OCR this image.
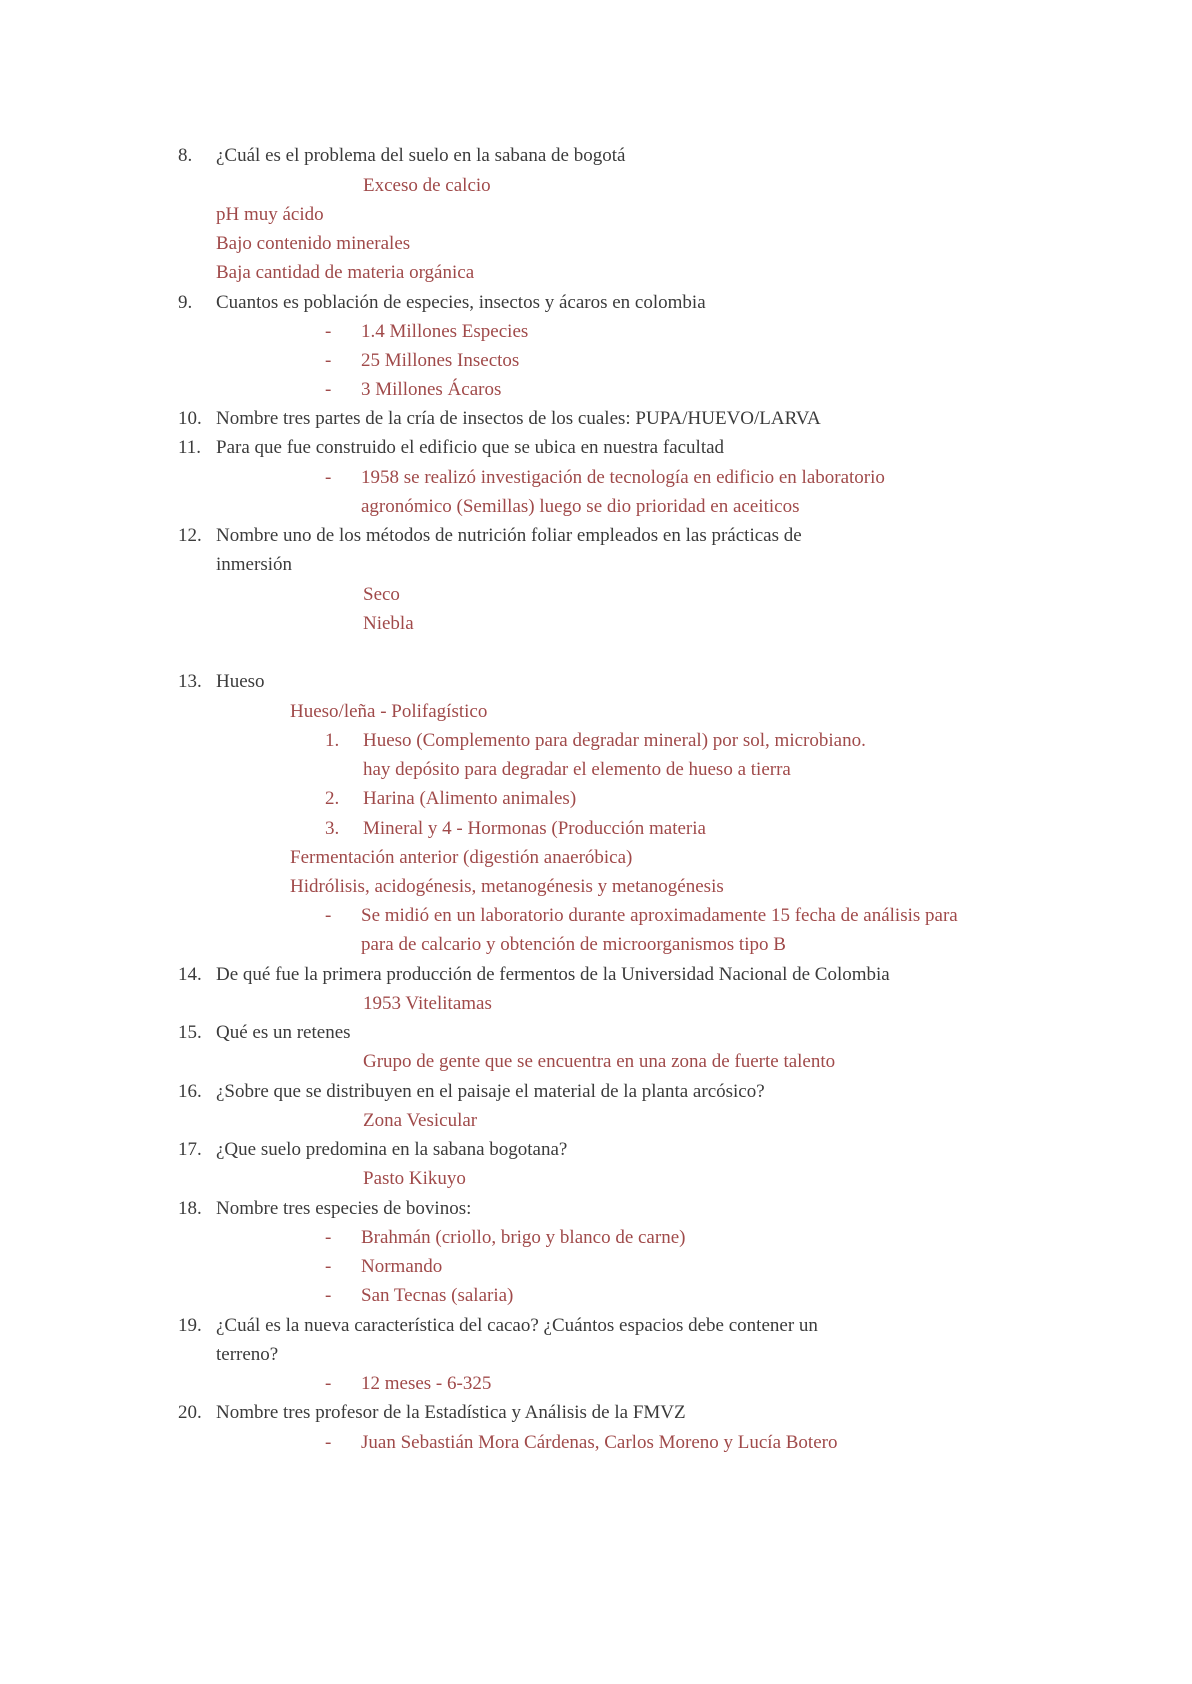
8. ¿Cuál es el problema del suelo en la sabana de bogotá
Exceso de calcio
pH muy ácido
Bajo contenido minerales
Baja cantidad de materia orgánica
9. Cuantos es población de especies, insectos y ácaros en colombia
- 1.4 Millones Especies
- 25 Millones Insectos
- 3 Millones Ácaros
10. Nombre tres partes de la cría de insectos de los cuales: PUPA/HUEVO/LARVA
11. Para que fue construido el edificio que se ubica en nuestra facultad
- 1958 se realizó investigación de tecnología en edificio en laboratorio
agronómico (Semillas) luego se dio prioridad en aceiticos
12. Nombre uno de los métodos de nutrición foliar empleados en las prácticas de
inmersión
Seco
Niebla
13. Hueso
Hueso/leña - Polifagístico
1. Hueso (Complemento para degradar mineral) por sol, microbiano.
hay depósito para degradar el elemento de hueso a tierra
2. Harina (Alimento animales)
3. Mineral y 4 - Hormonas (Producción materia
Fermentación anterior (digestión anaeróbica)
Hidrólisis, acidogénesis, metanogénesis y metanogénesis
- Se midió en un laboratorio durante aproximadamente 15 fecha de análisis para
para de calcario y obtención de microorganismos tipo B
14. De qué fue la primera producción de fermentos de la Universidad Nacional de Colombia
1953 Vitelitamas
15. Qué es un retenes
Grupo de gente que se encuentra en una zona de fuerte talento
16. ¿Sobre que se distribuyen en el paisaje el material de la planta arcósico?
Zona Vesicular
17. ¿Que suelo predomina en la sabana bogotana?
Pasto Kikuyo
18. Nombre tres especies de bovinos:
- Brahmán (criollo, brigo y blanco de carne)
- Normando
- San Tecnas (salaria)
19. ¿Cuál es la nueva característica del cacao? ¿Cuántos espacios debe contener un
terreno?
- 12 meses - 6-325
20. Nombre tres profesor de la Estadística y Análisis de la FMVZ
- Juan Sebastián Mora Cárdenas, Carlos Moreno y Lucía Botero
